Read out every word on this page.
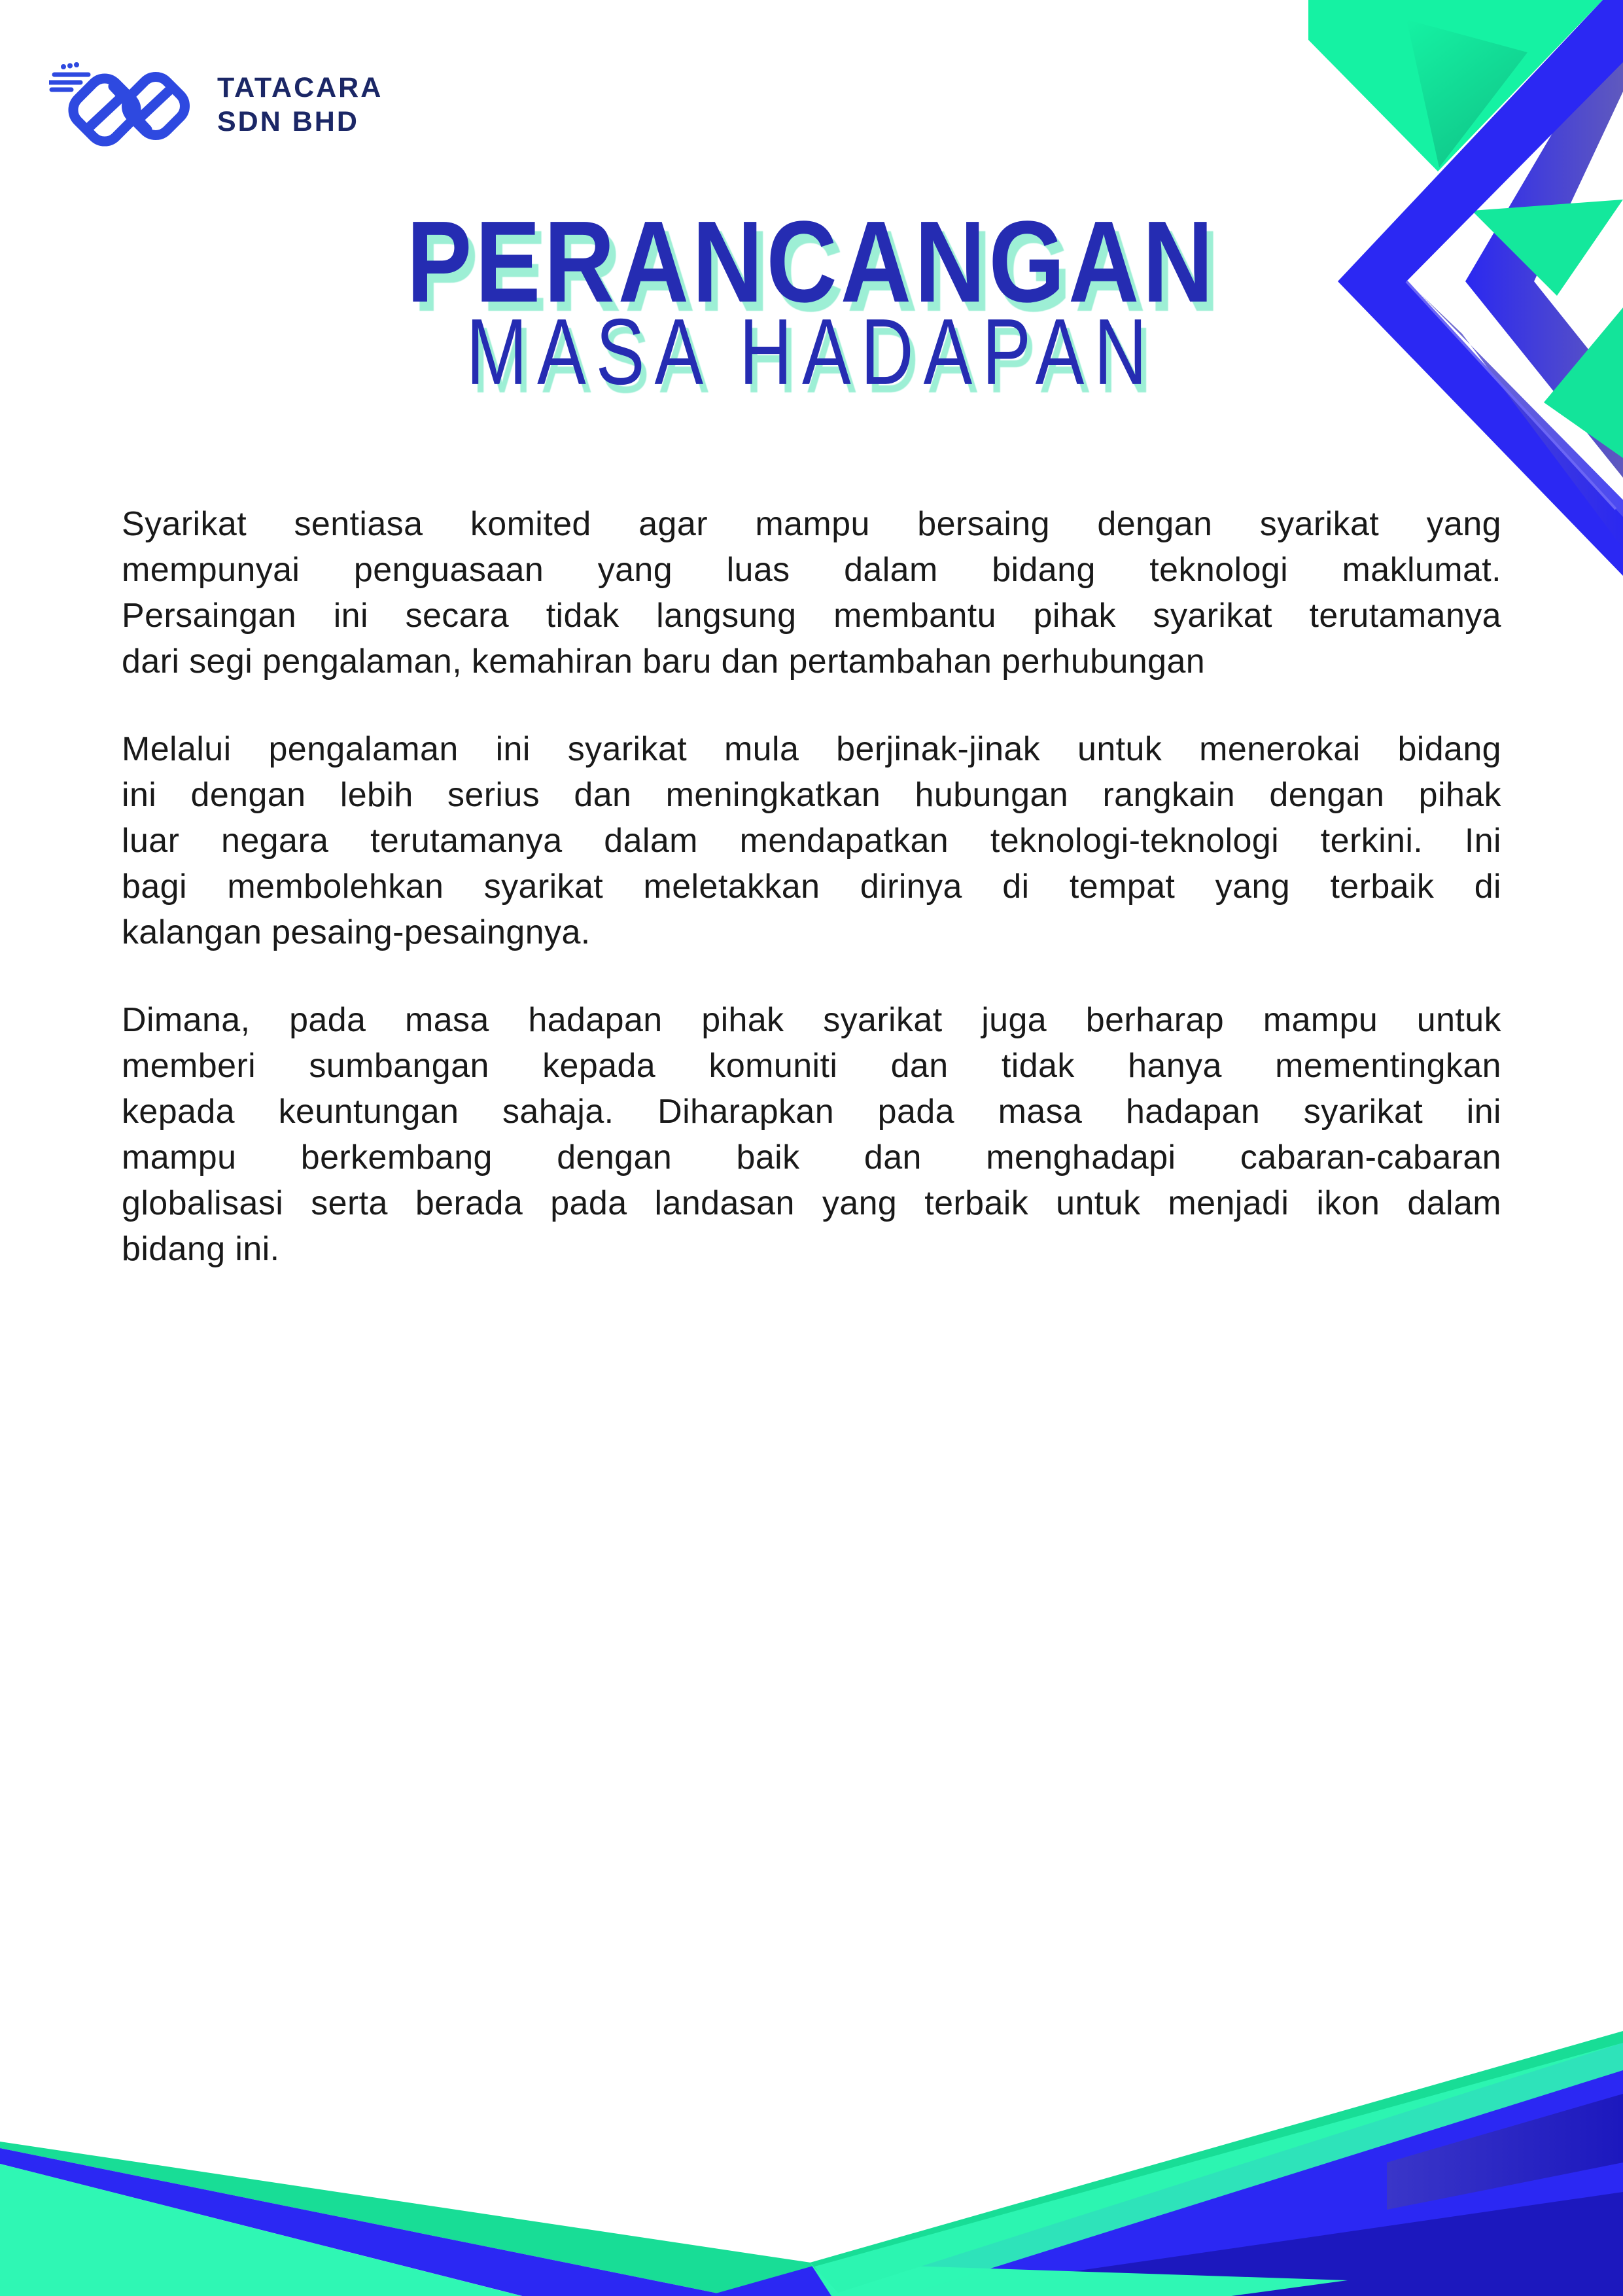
TATACARA
SDN BHD
PERANCANGAN
MASA HADAPAN
Syarikat sentiasa komited agar mampu bersaing dengan syarikat yang
mempunyai penguasaan yang luas dalam bidang teknologi maklumat.
Persaingan ini secara tidak langsung membantu pihak syarikat terutamanya
dari segi pengalaman, kemahiran baru dan pertambahan perhubungan
Melalui pengalaman ini syarikat mula berjinak-jinak untuk menerokai bidang
ini dengan lebih serius dan meningkatkan hubungan rangkain dengan pihak
luar negara terutamanya dalam mendapatkan teknologi-teknologi terkini. Ini
bagi membolehkan syarikat meletakkan dirinya di tempat yang terbaik di
kalangan pesaing-pesaingnya.
Dimana, pada masa hadapan pihak syarikat juga berharap mampu untuk
memberi sumbangan kepada komuniti dan tidak hanya mementingkan
kepada keuntungan sahaja. Diharapkan pada masa hadapan syarikat ini
mampu berkembang dengan baik dan menghadapi cabaran-cabaran
globalisasi serta berada pada landasan yang terbaik untuk menjadi ikon dalam
bidang ini.
